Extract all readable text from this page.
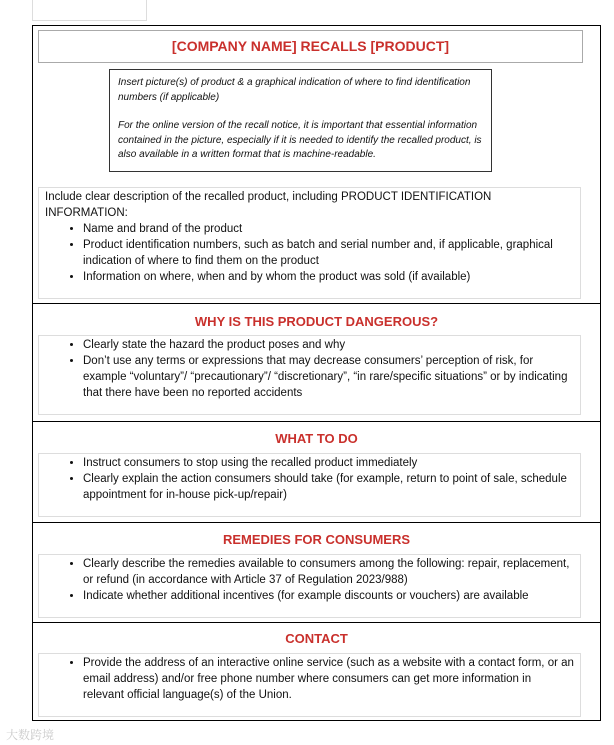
[COMPANY NAME] RECALLS [PRODUCT]

Insert picture(s) of product & a graphical indication of where to find identification numbers (if applicable)

For the online version of the recall notice, it is important that essential information contained in the picture, especially if it is needed to identify the recalled product, is also available in a written format that is machine-readable.

Include clear description of the recalled product, including PRODUCT IDENTIFICATION INFORMATION:
• Name and brand of the product
• Product identification numbers, such as batch and serial number and, if applicable, graphical indication of where to find them on the product
• Information on where, when and by whom the product was sold (if available)
WHY IS THIS PRODUCT DANGEROUS?
• Clearly state the hazard the product poses and why
• Don’t use any terms or expressions that may decrease consumers’ perception of risk, for example “voluntary”/ “precautionary”/ “discretionary”, “in rare/specific situations” or by indicating that there have been no reported accidents
WHAT TO DO
• Instruct consumers to stop using the recalled product immediately
• Clearly explain the action consumers should take (for example, return to point of sale, schedule appointment for in-house pick-up/repair)
REMEDIES FOR CONSUMERS
• Clearly describe the remedies available to consumers among the following: repair, replacement, or refund (in accordance with Article 37 of Regulation 2023/988)
• Indicate whether additional incentives (for example discounts or vouchers) are available
CONTACT
• Provide the address of an interactive online service (such as a website with a contact form, or an email address) and/or free phone number where consumers can get more information in relevant official language(s) of the Union.
大数跨境
